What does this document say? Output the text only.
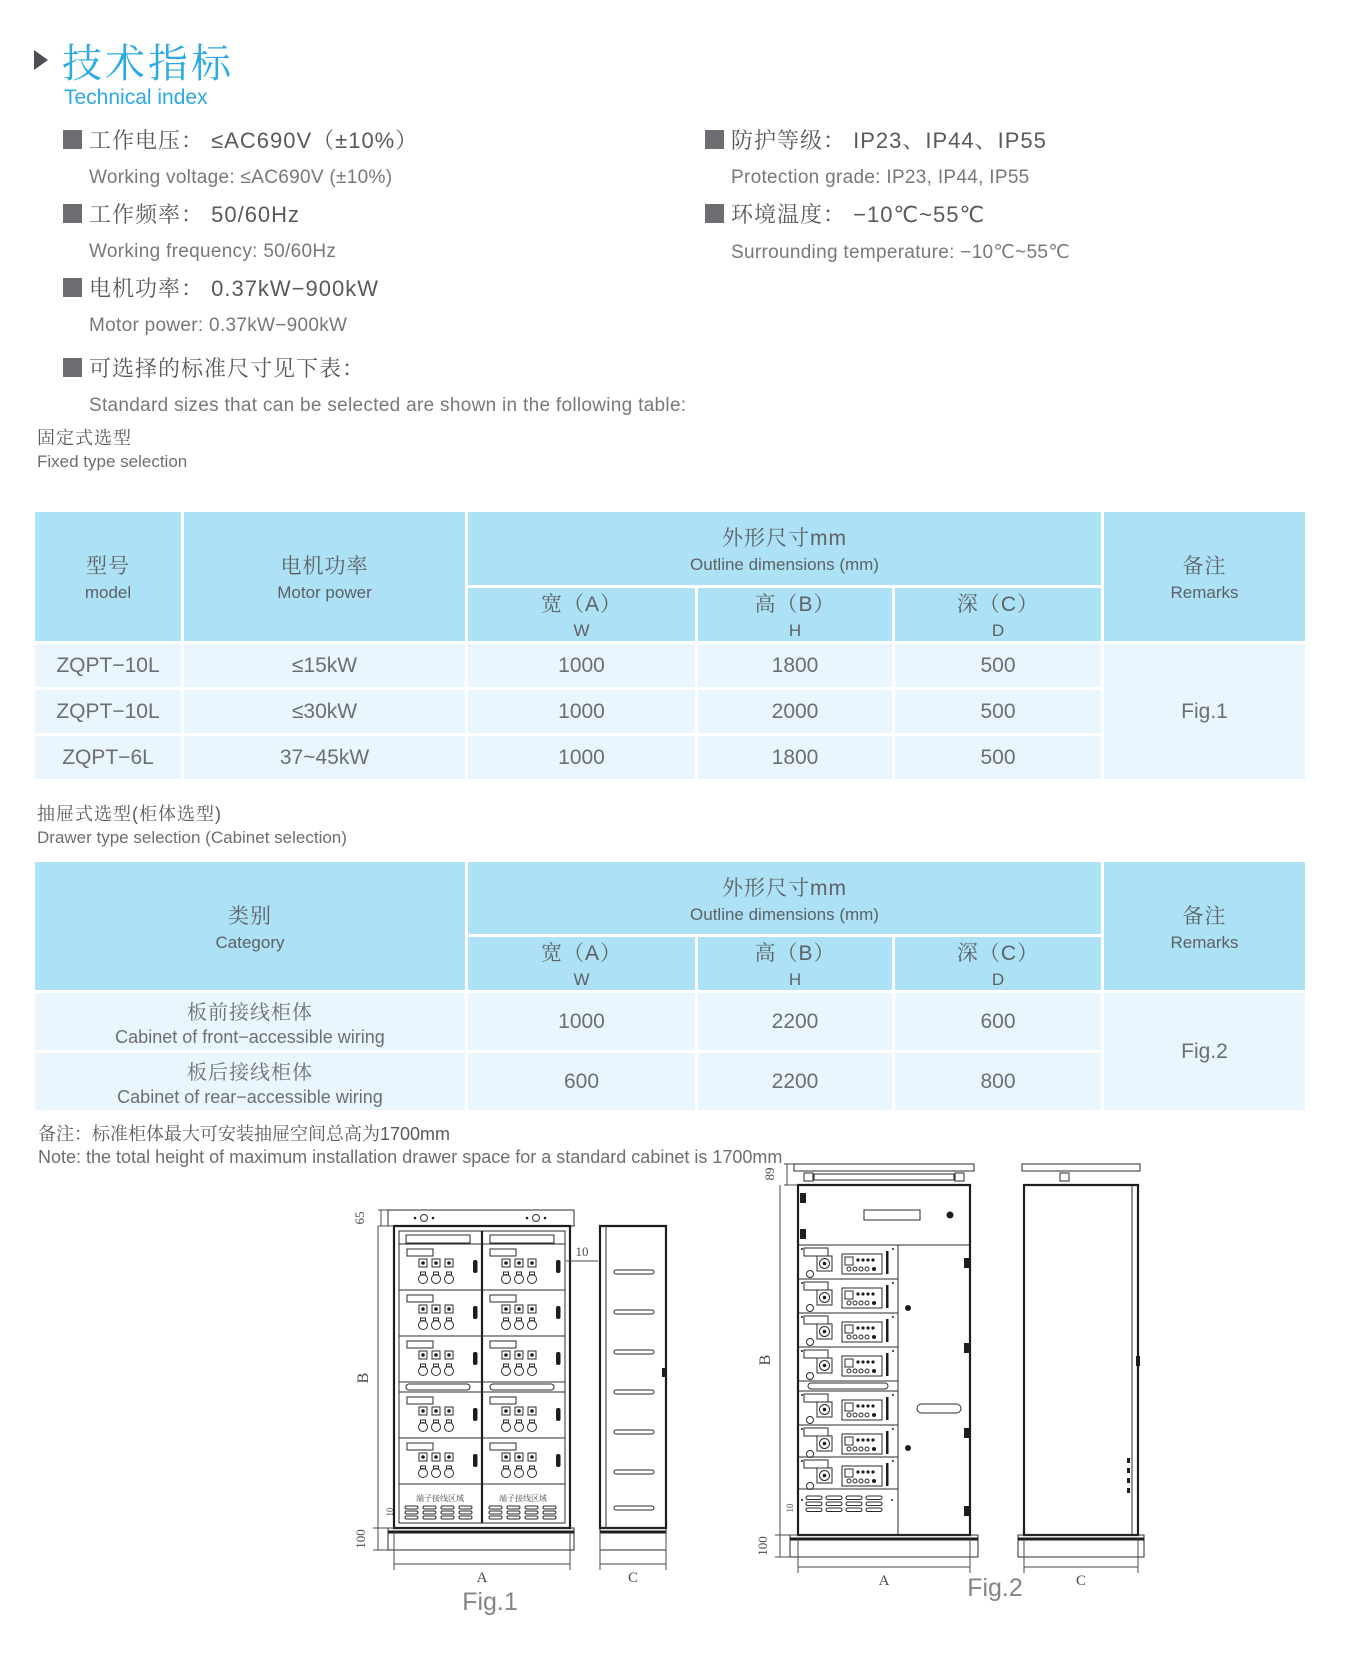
技术指标
Technical index
工作电压： ≤AC690V（±10%）
Working voltage: ≤AC690V (±10%)
工作频率： 50/60Hz
Working frequency: 50/60Hz
电机功率： 0.37kW−900kW
Motor power: 0.37kW−900kW
可选择的标准尺寸见下表：
Standard sizes that can be selected are shown in the following table:
防护等级： IP23、IP44、IP55
Protection grade: IP23, IP44, IP55
环境温度： −10℃~55℃
Surrounding temperature: −10℃~55℃
固定式选型
Fixed type selection
型号
model
电机功率
Motor power
外形尺寸mm
Outline dimensions (mm)
宽（A）
W
高（B）
H
深（C）
D
备注
Remarks
ZQPT−10L	≤15kW	1000	1800	500
Fig.1
ZQPT−10L	≤30kW	1000	2000	500
ZQPT−6L	37~45kW	1000	1800	500
抽屉式选型(柜体选型)
Drawer type selection (Cabinet selection)
类别
Category
外形尺寸mm
Outline dimensions (mm)
宽（A）
W
高（B）
H
深（C）
D
备注
Remarks
板前接线柜体
Cabinet of front−accessible wiring
1000	2200	600
Fig.2
板后接线柜体
Cabinet of rear−accessible wiring
600	2200	800
备注：标准柜体最大可安装抽屉空间总高为1700mm
Note: the total height of maximum installation drawer space for a standard cabinet is 1700mm
端子接线区域	端子接线区域
65
B
10
100
10
A	C
Fig.1
89
B
10
100
A	C
Fig.2
